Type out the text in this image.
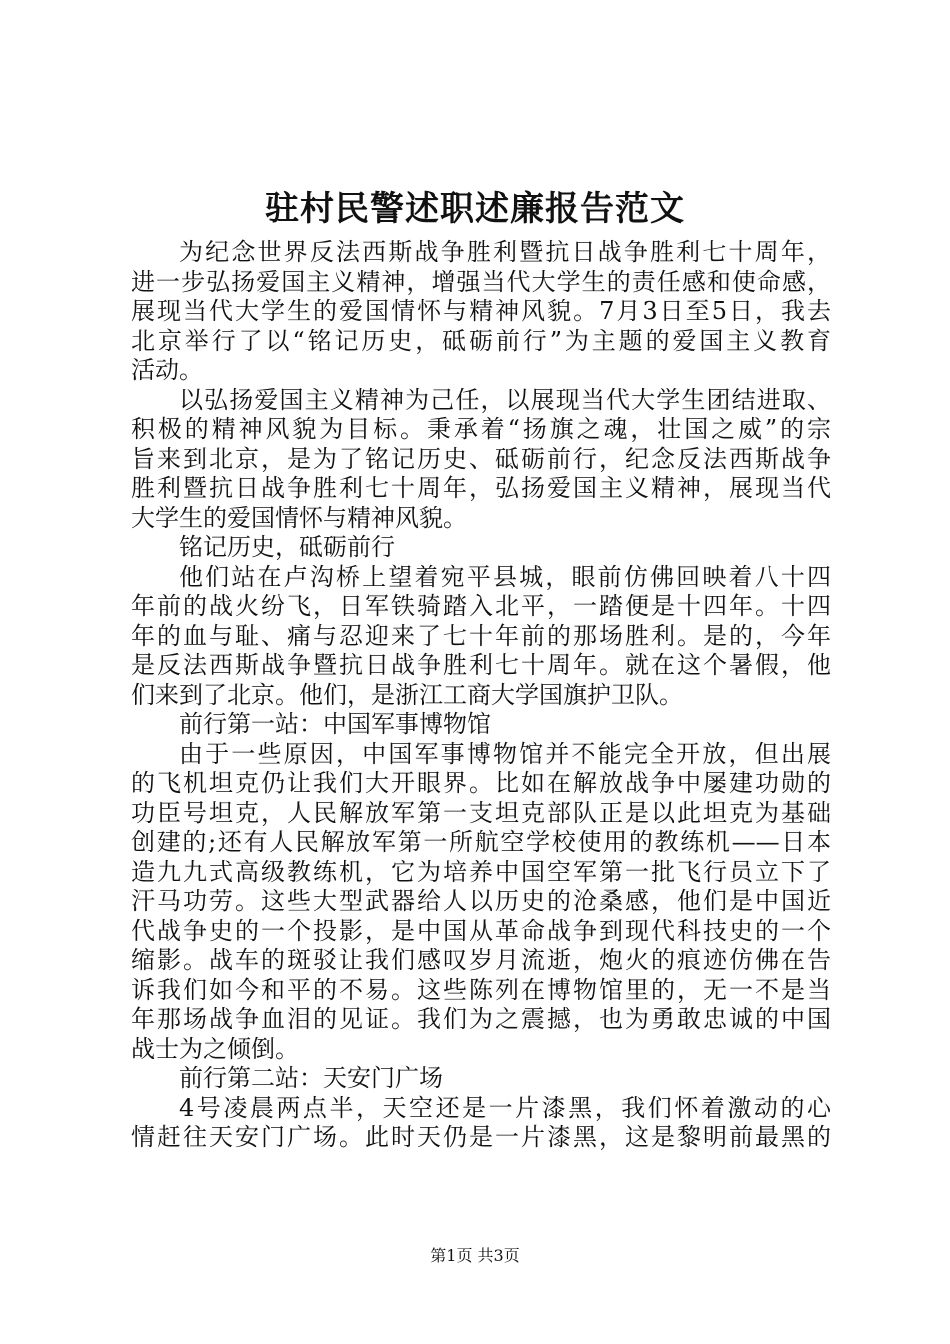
驻村民警述职述廉报告范文
为纪念世界反法西斯战争胜利暨抗日战争胜利七十周年，
进一步弘扬爱国主义精神，增强当代大学生的责任感和使命感，
展现当代大学生的爱国情怀与精神风貌。7月3日至5日，我去
北京举行了以“铭记历史，砥砺前行”为主题的爱国主义教育
活动。
以弘扬爱国主义精神为己任，以展现当代大学生团结进取、
积极的精神风貌为目标。秉承着“扬旗之魂，壮国之威”的宗
旨来到北京，是为了铭记历史、砥砺前行，纪念反法西斯战争
胜利暨抗日战争胜利七十周年，弘扬爱国主义精神，展现当代
大学生的爱国情怀与精神风貌。
铭记历史，砥砺前行
他们站在卢沟桥上望着宛平县城，眼前仿佛回映着八十四
年前的战火纷飞，日军铁骑踏入北平，一踏便是十四年。十四
年的血与耻、痛与忍迎来了七十年前的那场胜利。是的，今年
是反法西斯战争暨抗日战争胜利七十周年。就在这个暑假，他
们来到了北京。他们，是浙江工商大学国旗护卫队。
前行第一站：中国军事博物馆
由于一些原因，中国军事博物馆并不能完全开放，但出展
的飞机坦克仍让我们大开眼界。比如在解放战争中屡建功勋的
功臣号坦克，人民解放军第一支坦克部队正是以此坦克为基础
创建的;还有人民解放军第一所航空学校使用的教练机——日本
造九九式高级教练机，它为培养中国空军第一批飞行员立下了
汗马功劳。这些大型武器给人以历史的沧桑感，他们是中国近
代战争史的一个投影，是中国从革命战争到现代科技史的一个
缩影。战车的斑驳让我们感叹岁月流逝，炮火的痕迹仿佛在告
诉我们如今和平的不易。这些陈列在博物馆里的，无一不是当
年那场战争血泪的见证。我们为之震撼，也为勇敢忠诚的中国
战士为之倾倒。
前行第二站：天安门广场
4号凌晨两点半，天空还是一片漆黑，我们怀着激动的心
情赶往天安门广场。此时天仍是一片漆黑，这是黎明前最黑的
第1页 共3页
